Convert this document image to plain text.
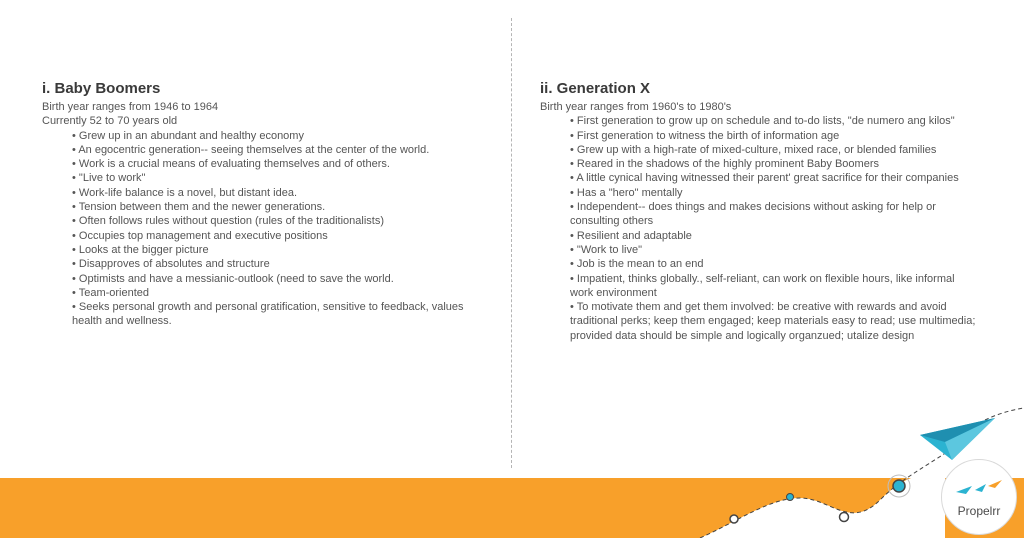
i. Baby Boomers

Birth year ranges from 1946 to 1964

Currently 52 to 70 years old

• Grew up in an abundant and healthy economy
• An egocentric generation-- seeing themselves at the center of the world.
• Work is a crucial means of evaluating themselves and of others.
• "Live to work"
• Work-life balance is a novel, but distant idea.
• Tension between them and the newer generations.
• Often follows rules without question (rules of the traditionalists)
• Occupies top management and executive positions
• Looks at the bigger picture
• Disapproves of absolutes and structure
• Optimists and have a messianic-outlook (need to save the world.
• Team-oriented
• Seeks personal growth and personal gratification, sensitive to feedback, values health and wellness.
ii. Generation X

Birth year ranges from 1960's to 1980's

• First generation to grow up on schedule and to-do lists, "de numero ang kilos"
• First generation to witness the birth of information age
• Grew up with a high-rate of mixed-culture, mixed race, or blended families
• Reared in the shadows of the highly prominent Baby Boomers
• A little cynical having witnessed their parent' great sacrifice for their companies
• Has a "hero" mentally
• Independent-- does things and makes decisions without asking for help or consulting others
• Resilient and adaptable
• "Work to live"
• Job is the mean to an end
• Impatient, thinks globally., self-reliant, can work on flexible hours, like informal work environment
• To motivate them and get them involved: be creative with rewards and avoid traditional perks; keep them engaged; keep materials easy to read; use multimedia; provided data should be simple and logically organzued; utalize design
Propelrr
